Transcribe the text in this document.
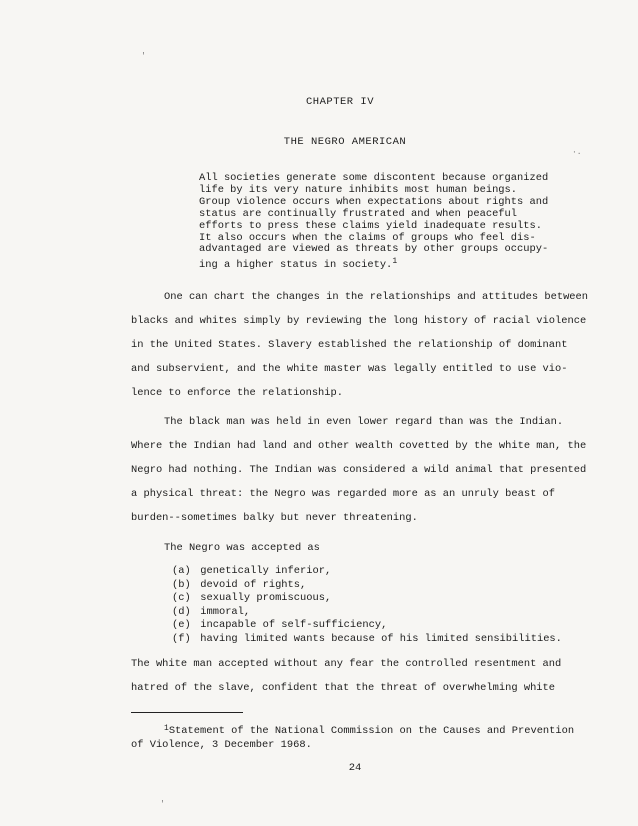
CHAPTER IV
THE NEGRO AMERICAN
All societies generate some discontent because organized
life by its very nature inhibits most human beings.
Group violence occurs when expectations about rights and
status are continually frustrated and when peaceful
efforts to press these claims yield inadequate results.
It also occurs when the claims of groups who feel dis-
advantaged are viewed as threats by other groups occupy-
ing a higher status in society.$^1$
One can chart the changes in the relationships and attitudes between
blacks and whites simply by reviewing the long history of racial violence
in the United States. Slavery established the relationship of dominant
and subservient, and the white master was legally entitled to use vio-
lence to enforce the relationship.
The black man was held in even lower regard than was the Indian.
Where the Indian had land and other wealth covetted by the white man, the
Negro had nothing. The Indian was considered a wild animal that presented
a physical threat: the Negro was regarded more as an unruly beast of
burden--sometimes balky but never threatening.
The Negro was accepted as
(a) genetically inferior,
(b) devoid of rights,
(c) sexually promiscuous,
(d) immoral,
(e) incapable of self-sufficiency,
(f) having limited wants because of his limited sensibilities.
The white man accepted without any fear the controlled resentment and
hatred of the slave, confident that the threat of overwhelming white
$^1$Statement of the National Commission on the Causes and Prevention
of Violence, 3 December 1968.
24
'
·.
'
